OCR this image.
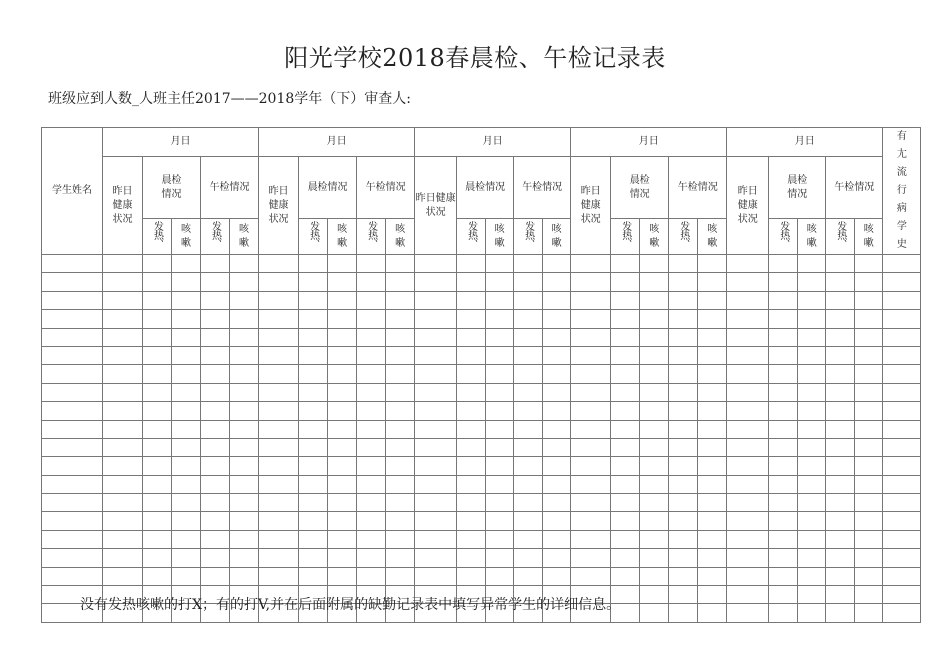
阳光学校2018春晨检、午检记录表
班级应到人数_人班主任2017——2018学年（下）审查人:
学生姓名	月日					月日					月日					月日					月日					有尢流行病学史
	昨日健康状况	晨检情况		午检情况		昨日健康状况	晨检情况		午检情况		昨日健康状况	晨检情况		午检情况		昨日健康状况	晨检情况		午检情况		昨日健康状况	晨检情况		午检情况		
		发热、	咳嗽	发热、	咳嗽		发热、	咳嗽	发热、	咳嗽		发热、	咳嗽	发热、	咳嗽		发热、	咳嗽	发热、	咳嗽		发热、	咳嗽	发热、	咳嗽	

没有发热咳嗽的打X；有的打V,并在后面附属的缺勤记录表中填写异常学生的详细信息。
